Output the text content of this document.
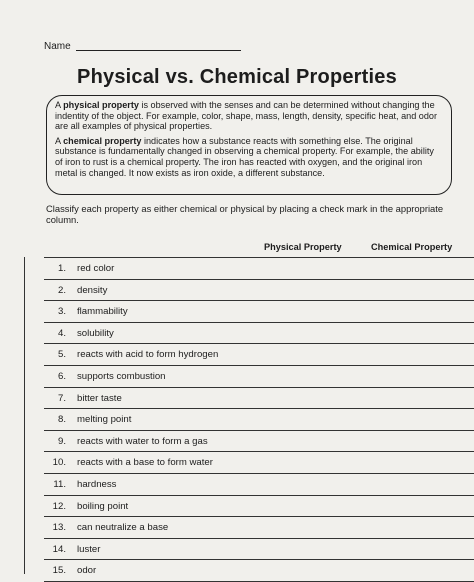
Name
Physical vs. Chemical Properties

A physical property is observed with the senses and can be determined without changing the indentity of the object. For example, color, shape, mass, length, density, specific heat, and odor are all examples of physical properties.

A chemical property indicates how a substance reacts with something else. The original substance is fundamentally changed in observing a chemical property. For example, the ability of iron to rust is a chemical property. The iron has reacted with oxygen, and the original iron metal is changed. It now exists as iron oxide, a different substance.

Classify each property as either chemical or physical by placing a check mark in the appropriate column.
Physical Property	Chemical Property
1. red color
2. density
3. flammability
4. solubility
5. reacts with acid to form hydrogen
6. supports combustion
7. bitter taste
8. melting point
9. reacts with water to form a gas
10. reacts with a base to form water
11. hardness
12. boiling point
13. can neutralize a base
14. luster
15. odor
